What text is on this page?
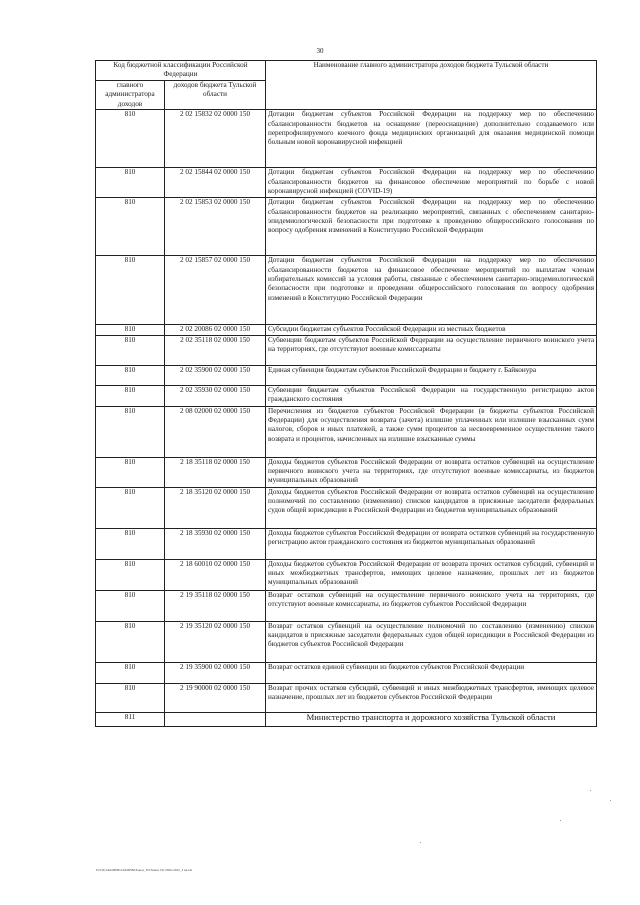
30
Код бюджетной классификации Российской Федерации		Наименование главного администратора доходов бюджета Тульской области
главного администратора доходов	доходов бюджета Тульской области	
810	2 02 15832 02 0000 150	Дотации бюджетам субъектов Российской Федерации на поддержку мер по обеспечению сбалансированности бюджетов на оснащение (переоснащение) дополнительно создаваемого или перепрофилируемого коечного фонда медицинских организаций для оказания медицинской помощи больным новой коронавирусной инфекцией
810	2 02 15844 02 0000 150	Дотации бюджетам субъектов Российской Федерации на поддержку мер по обеспечению сбалансированности бюджетов на финансовое обеспечение мероприятий по борьбе с новой коронавирусной инфекцией (COVID-19)
810	2 02 15853 02 0000 150	Дотации бюджетам субъектов Российской Федерации на поддержку мер по обеспечению сбалансированности бюджетов на реализацию мероприятий, связанных с обеспечением санитарно-эпидемиологической безопасности при подготовке к проведению общероссийского голосования по вопросу одобрения изменений в Конституцию Российской Федерации
810	2 02 15857 02 0000 150	Дотации бюджетам субъектов Российской Федерации на поддержку мер по обеспечению сбалансированности бюджетов на финансовое обеспечение мероприятий по выплатам членам избирательных комиссий за условия работы, связанные с обеспечением санитарно-эпидемиологической безопасности при подготовке и проведении общероссийского голосования по вопросу одобрения изменений в Конституцию Российской Федерации
810	2 02 20086 02 0000 150	Субсидии бюджетам субъектов Российской Федерации из местных бюджетов
810	2 02 35118 02 0000 150	Субвенции бюджетам субъектов Российской Федерации на осуществление первичного воинского учета на территориях, где отсутствуют военные комиссариаты
810	2 02 35900 02 0000 150	Единая субвенция бюджетам субъектов Российской Федерации и бюджету г. Байконура
810	2 02 35930 02 0000 150	Субвенции бюджетам субъектов Российской Федерации на государственную регистрацию актов гражданского состояния
810	2 08 02000 02 0000 150	Перечисления из бюджетов субъектов Российской Федерации (в бюджеты субъектов Российской Федерации) для осуществления возврата (зачета) излишне уплаченных или излишне взысканных сумм налогов, сборов и иных платежей, а также сумм процентов за несвоевременное осуществление такого возврата и процентов, начисленных на излишне взысканные суммы
810	2 18 35118 02 0000 150	Доходы бюджетов субъектов Российской Федерации от возврата остатков субвенций на осуществление первичного воинского учета на территориях, где отсутствуют военные комиссариаты, из бюджетов муниципальных образований
810	2 18 35120 02 0000 150	Доходы бюджетов субъектов Российской Федерации от возврата остатков субвенций на осуществление полномочий по составлению (изменению) списков кандидатов в присяжные заседатели федеральных судов общей юрисдикции в Российской Федерации из бюджетов муниципальных образований
810	2 18 35930 02 0000 150	Доходы бюджетов субъектов Российской Федерации от возврата остатков субвенций на государственную регистрацию актов гражданского состояния из бюджетов муниципальных образований
810	2 18 60010 02 0000 150	Доходы бюджетов субъектов Российской Федерации от возврата прочих остатков субсидий, субвенций и иных межбюджетных трансфертов, имеющих целевое назначение, прошлых лет из бюджетов муниципальных образований
810	2 19 35118 02 0000 150	Возврат остатков субвенций на осуществление первичного воинского учета на территориях, где отсутствуют военные комиссариаты, из бюджетов субъектов Российской Федерации
810	2 19 35120 02 0000 150	Возврат остатков субвенций на осуществление полномочий по составлению (изменению) списков кандидатов в присяжные заседатели федеральных судов общей юрисдикции в Российской Федерации из бюджетов субъектов Российской Федерации
810	2 19 35900 02 0000 150	Возврат остатков единой субвенции из бюджетов субъектов Российской Федерации
810	2 19 90000 02 0000 150	Возврат прочих остатков субсидий, субвенций и иных межбюджетных трансфертов, имеющих целевое назначение, прошлых лет из бюджетов субъектов Российской Федерации
811		Министерство транспорта и дорожного хозяйства Тульской области
D:\ГД\ЗАКОНЫ\ЗАКОНЫ\Закон_ТО\Закон ТО 2020-2022_3 кв.xls
